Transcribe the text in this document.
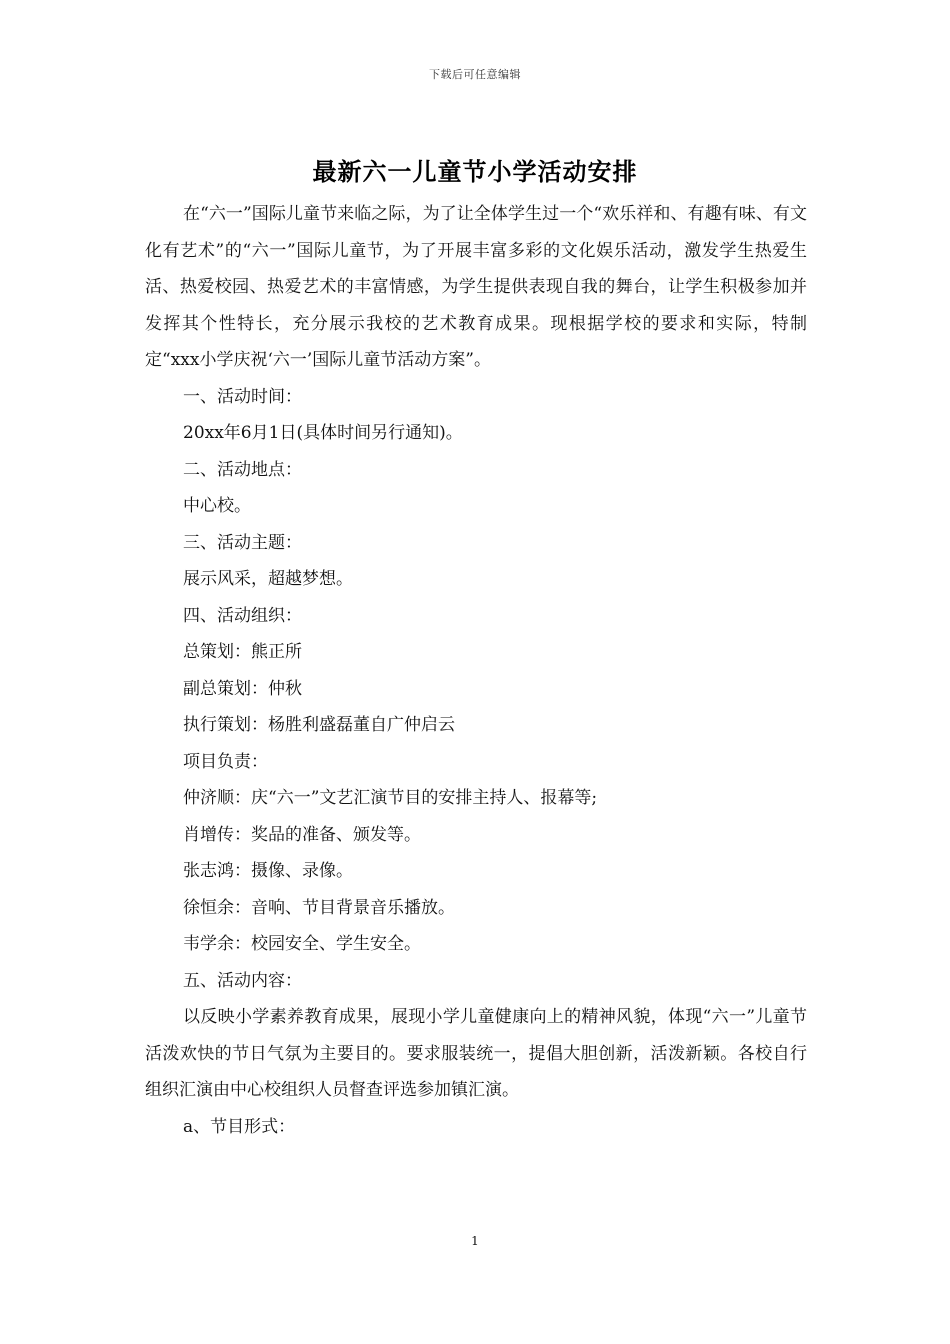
下载后可任意编辑
最新六一儿童节小学活动安排

在“六一”国际儿童节来临之际，为了让全体学生过一个“欢乐祥和、有趣有味、有文化有艺术”的“六一”国际儿童节，为了开展丰富多彩的文化娱乐活动，激发学生热爱生活、热爱校园、热爱艺术的丰富情感，为学生提供表现自我的舞台，让学生积极参加并发挥其个性特长，充分展示我校的艺术教育成果。现根据学校的要求和实际，特制定“xxx小学庆祝‘六一’国际儿童节活动方案”。

一、活动时间：

20xx年6月1日(具体时间另行通知)。

二、活动地点：

中心校。

三、活动主题：

展示风采，超越梦想。

四、活动组织：

总策划：熊正所

副总策划：仲秋

执行策划：杨胜利盛磊董自广仲启云

项目负责：

仲济顺：庆“六一”文艺汇演节目的安排主持人、报幕等;

肖增传：奖品的准备、颁发等。

张志鸿：摄像、录像。

徐恒余：音响、节目背景音乐播放。

韦学余：校园安全、学生安全。

五、活动内容：

以反映小学素养教育成果，展现小学儿童健康向上的精神风貌，体现“六一”儿童节活泼欢快的节日气氛为主要目的。要求服装统一，提倡大胆创新，活泼新颖。各校自行组织汇演由中心校组织人员督查评选参加镇汇演。

a、节目形式：

1
